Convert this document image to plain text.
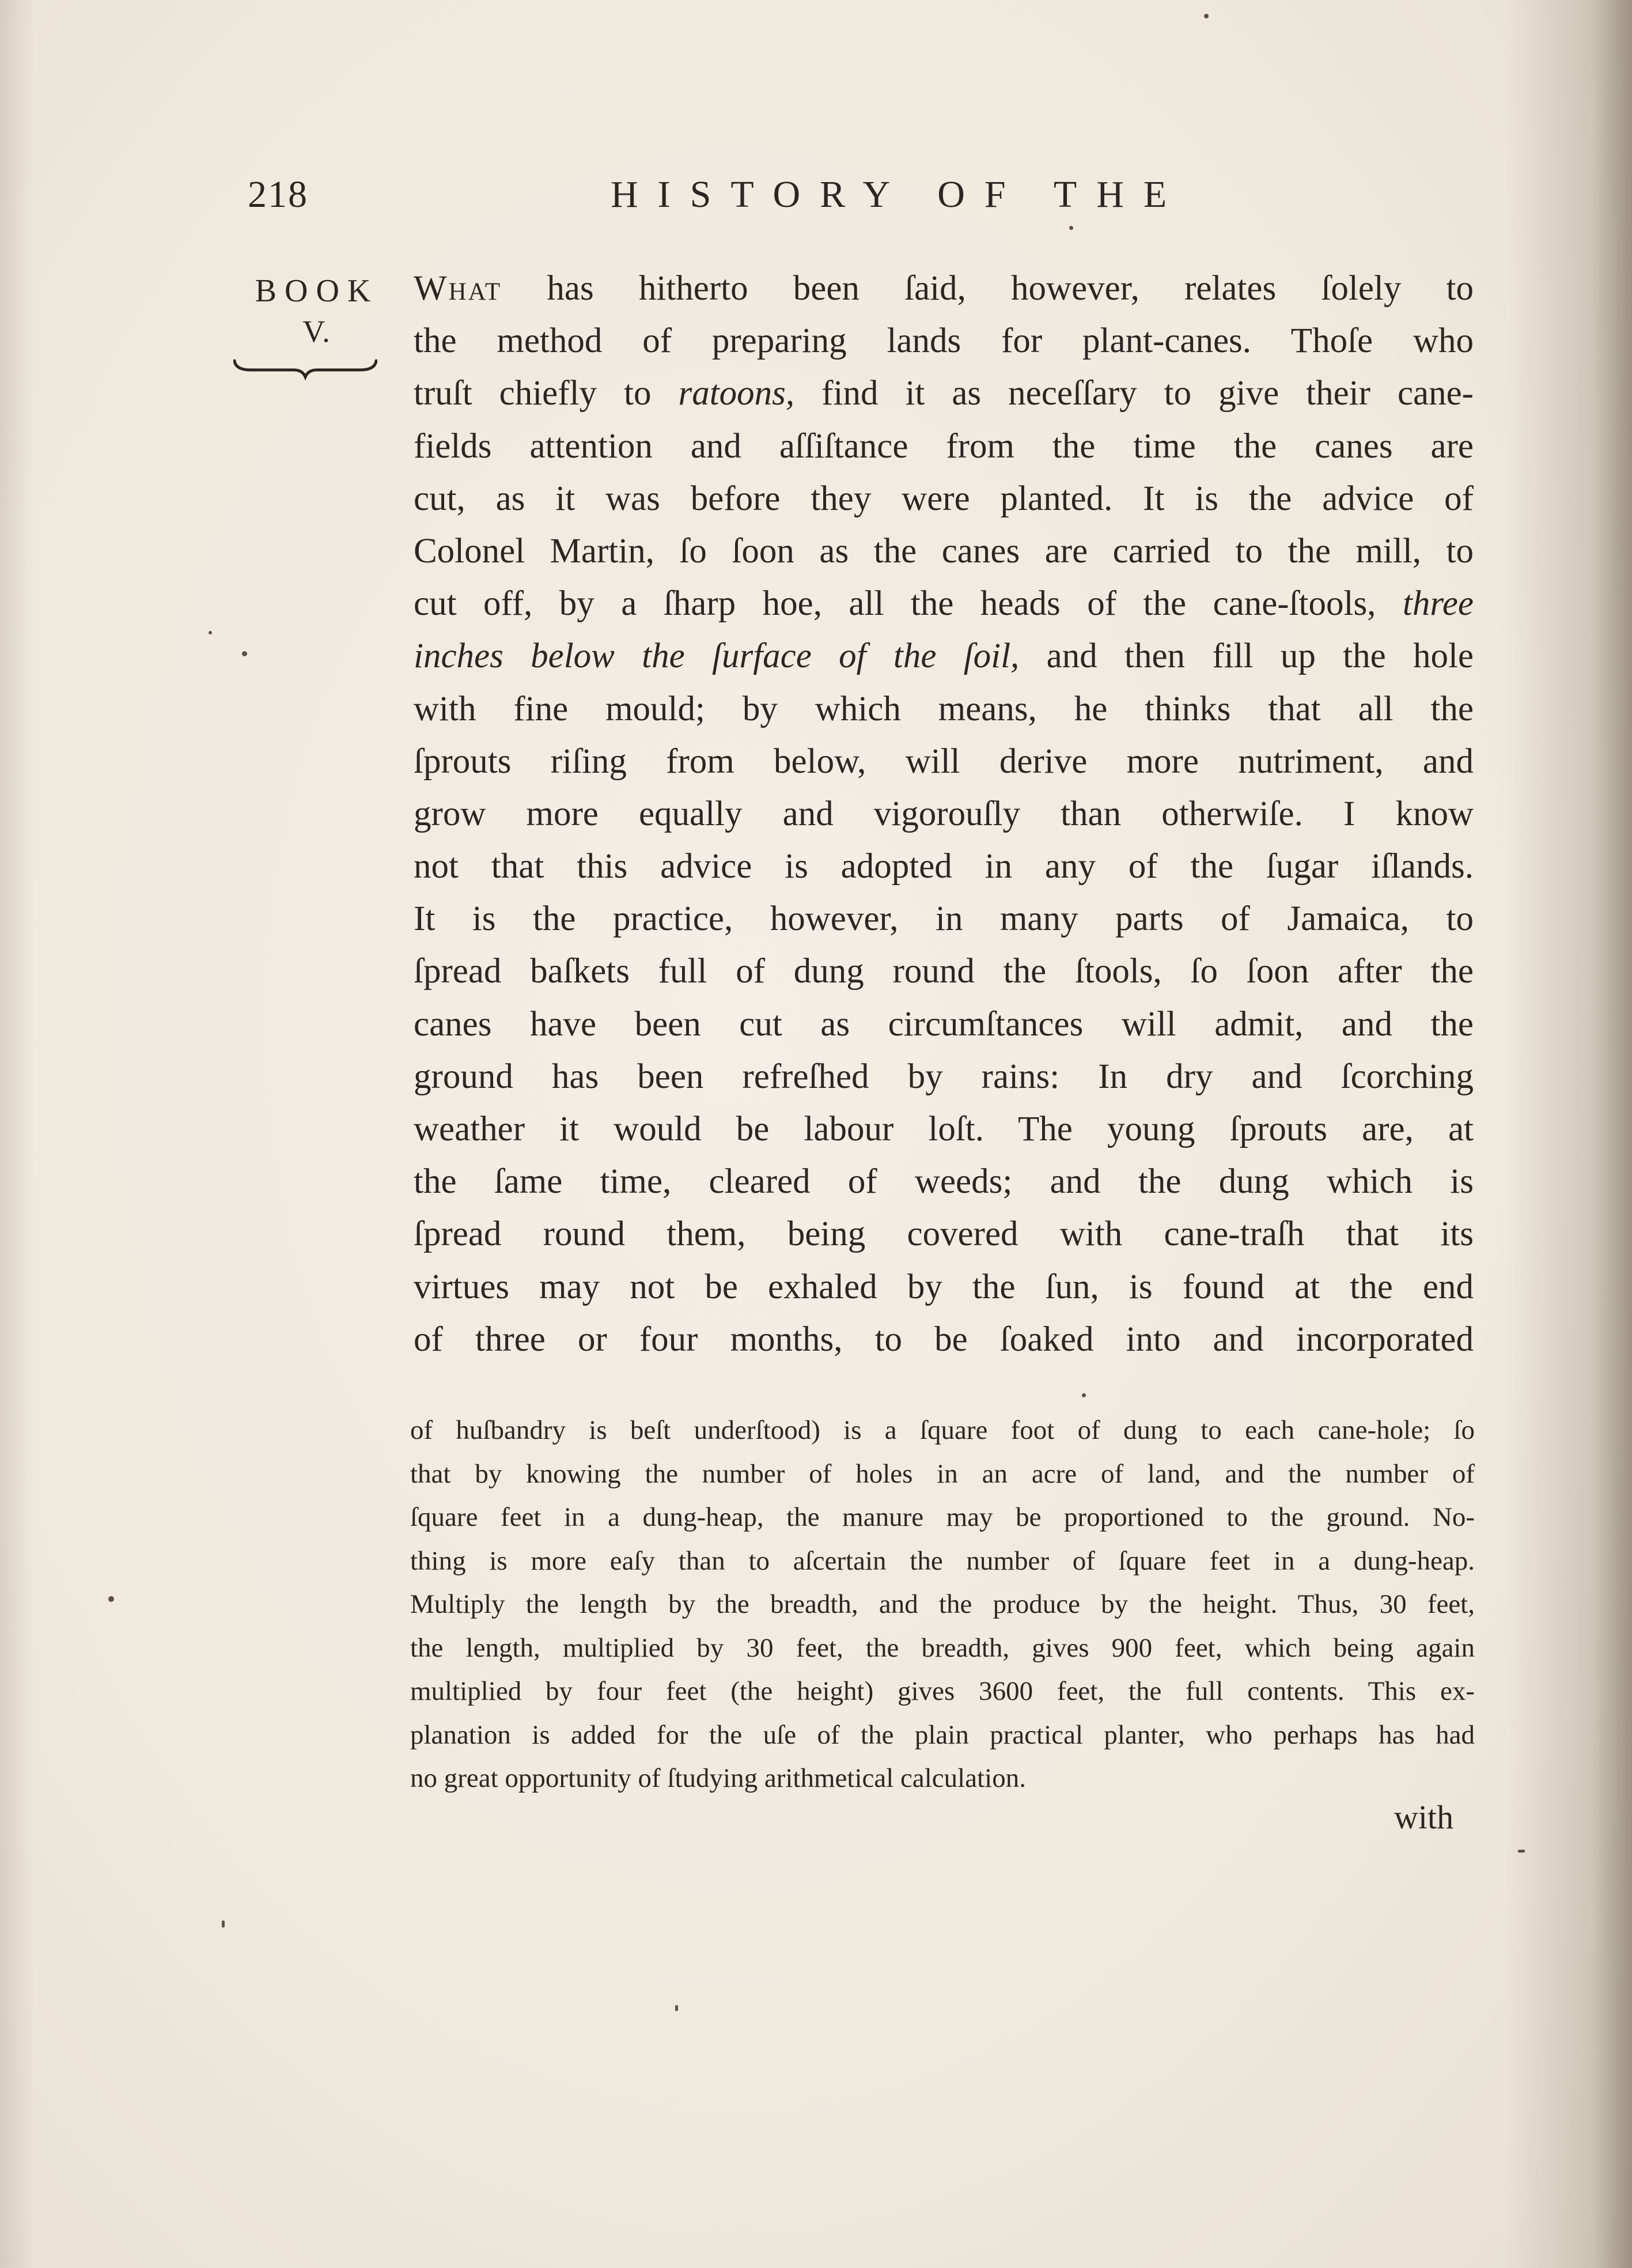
218	HISTORY OF THE
BOOK
V.
What has hitherto been ſaid, however, relates ſolely to
the method of preparing lands for plant-canes. Thoſe who
truſt chiefly to ratoons, find it as neceſſary to give their cane-
fields attention and aſſiſtance from the time the canes are
cut, as it was before they were planted. It is the advice of
Colonel Martin, ſo ſoon as the canes are carried to the mill, to
cut off, by a ſharp hoe, all the heads of the cane-ſtools, three
inches below the ſurface of the ſoil, and then fill up the hole
with fine mould; by which means, he thinks that all the
ſprouts riſing from below, will derive more nutriment, and
grow more equally and vigorouſly than otherwiſe. I know
not that this advice is adopted in any of the ſugar iſlands.
It is the practice, however, in many parts of Jamaica, to
ſpread baſkets full of dung round the ſtools, ſo ſoon after the
canes have been cut as circumſtances will admit, and the
ground has been refreſhed by rains: In dry and ſcorching
weather it would be labour loſt. The young ſprouts are, at
the ſame time, cleared of weeds; and the dung which is
ſpread round them, being covered with cane-traſh that its
virtues may not be exhaled by the ſun, is found at the end
of three or four months, to be ſoaked into and incorporated
of huſbandry is beſt underſtood) is a ſquare foot of dung to each cane-hole; ſo
that by knowing the number of holes in an acre of land, and the number of
ſquare feet in a dung-heap, the manure may be proportioned to the ground. No-
thing is more eaſy than to aſcertain the number of ſquare feet in a dung-heap.
Multiply the length by the breadth, and the produce by the height. Thus, 30 feet,
the length, multiplied by 30 feet, the breadth, gives 900 feet, which being again
multiplied by four feet (the height) gives 3600 feet, the full contents. This ex-
planation is added for the uſe of the plain practical planter, who perhaps has had
no great opportunity of ſtudying arithmetical calculation.
with
